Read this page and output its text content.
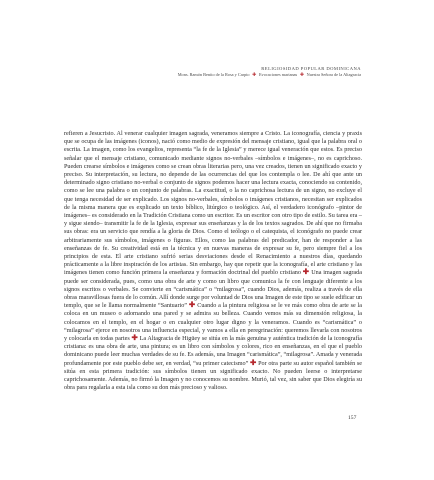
RELIGIOSIDAD POPULAR DOMINICANA
Mons. Ramón Benito de la Rosa y Carpio ✚ Evocaciones marianas ✚ Nuestra Señora de la Altagracia
refieren a Jesucristo. Al venerar cualquier imagen sagrada, veneramos siempre a Cristo. La iconografía, ciencia y praxis que se ocupa de las imágenes (iconos), nació como medio de expresión del mensaje cristiano, igual que la palabra oral o escrita. La imagen, como los evangelios, representa “la fe de la Iglesia” y merece igual veneración que estos. Es preciso señalar que el mensaje cristiano, comunicado mediante signos no-verbales –símbolos e imágenes–, no es caprichoso. Pueden crearse símbolos e imágenes como se crean obras literarias pero, una vez creados, tienen un significado exacto y preciso. Su interpretación, su lectura, no depende de las ocurrencias del que los contempla o lee. De ahí que ante un determinado signo cristiano no-verbal o conjunto de signos podemos hacer una lectura exacta, conociendo su contenido, como se lee una palabra o un conjunto de palabras. La exactitud, o la no caprichosa lectura de un signo, no excluye el que tenga necesidad de ser explicado. Los signos no-verbales, símbolos o imágenes cristianos, necesitan ser explicados de la misma manera que es explicado un texto bíblico, litúrgico o teológico. Así, el verdadero iconógrafo –pintor de imágenes– es considerado en la Tradición Cristiana como un escritor. Es un escritor con otro tipo de estilo. Su tarea era –y sigue siendo– transmitir la fe de la Iglesia, expresar sus enseñanzas y la de los textos sagrados. De ahí que no firmaba sus obras: era un servicio que rendía a la gloria de Dios. Como el teólogo o el catequista, el iconógrafo no puede crear arbitrariamente sus símbolos, imágenes o figuras. Ellos, como las palabras del predicador, han de responder a las enseñanzas de fe. Su creatividad está en la técnica y en nuevas maneras de expresar su fe, pero siempre fiel a los principios de esta. El arte cristiano sufrió serias desviaciones desde el Renacimiento a nuestros días, quedando prácticamente a la libre inspiración de los artistas. Sin embargo, hay que repetir que la iconografía, el arte cristiano y las imágenes tienen como función primera la enseñanza y formación doctrinal del pueblo cristiano ✚ Una imagen sagrada puede ser considerada, pues, como una obra de arte y como un libro que comunica la fe con lenguaje diferente a los signos escritos o verbales. Se convierte en “carismática” o “milagrosa”, cuando Dios, además, realiza a través de ella obras maravillosas fuera de lo común. Allí donde surge por voluntad de Dios una Imagen de este tipo se suele edificar un templo, que se le llama normalmente “Santuario” ✚ Cuando a la pintura religiosa se le ve más como obra de arte se la coloca en un museo o adornando una pared y se admira su belleza. Cuando vemos más su dimensión religiosa, la colocamos en el templo, en el hogar o en cualquier otro lugar digno y la veneramos. Cuando es “carismática” o “milagrosa” ejerce en nosotros una influencia especial, y vamos a ella en peregrinación: queremos llevarla con nosotros y colocarla en todas partes ✚ La Altagracia de Higüey se sitúa en la más genuina y auténtica tradición de la iconografía cristiana: es una obra de arte, una pintura; es un libro con símbolos y colores, rico en enseñanzas, en el que el pueblo dominicano puede leer muchas verdades de su fe. Es además, una Imagen “carismática”, “milagrosa”. Amada y venerada profundamente por este pueblo debe ser, en verdad, “su primer catecismo” ✚ Por otra parte su autor español también se sitúa en esta primera tradición: sus símbolos tienen un significado exacto. No pueden leerse o interpretarse caprichosamente. Además, no firmó la Imagen y no conocemos su nombre. Murió, tal vez, sin saber que Dios elegiría su obra para regalarla a esta isla como su don más precioso y valioso.
157
